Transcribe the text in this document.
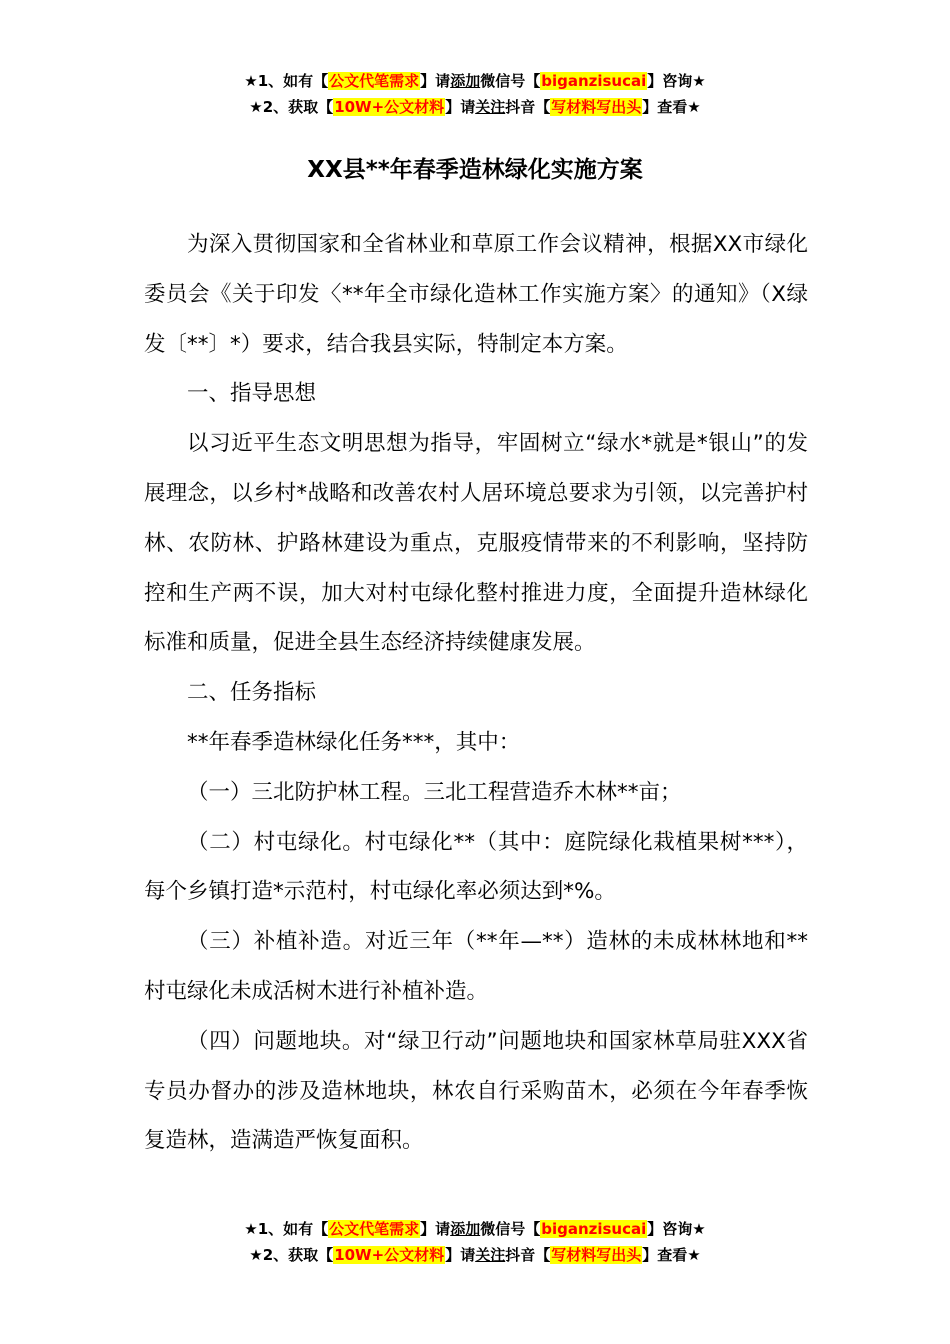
★1、如有【公文代笔需求】请添加微信号【biganzisucai】咨询★
★2、获取【10W+公文材料】请关注抖音【写材料写出头】查看★
XX县**年春季造林绿化实施方案

为深入贯彻国家和全省林业和草原工作会议精神，根据XX市绿化委员会《关于印发〈**年全市绿化造林工作实施方案〉的通知》（X绿发〔**〕*）要求，结合我县实际，特制定本方案。

一、指导思想

以习近平生态文明思想为指导，牢固树立“绿水*就是*银山”的发展理念，以乡村*战略和改善农村人居环境总要求为引领，以完善护村林、农防林、护路林建设为重点，克服疫情带来的不利影响，坚持防控和生产两不误，加大对村屯绿化整村推进力度，全面提升造林绿化标准和质量，促进全县生态经济持续健康发展。

二、任务指标

**年春季造林绿化任务***，其中：

（一）三北防护林工程。三北工程营造乔木林**亩；

（二）村屯绿化。村屯绿化**（其中：庭院绿化栽植果树***），每个乡镇打造*示范村，村屯绿化率必须达到*%。

（三）补植补造。对近三年（**年—**）造林的未成林林地和**村屯绿化未成活树木进行补植补造。

（四）问题地块。对“绿卫行动”问题地块和国家林草局驻XXX省专员办督办的涉及造林地块，林农自行采购苗木，必须在今年春季恢复造林，造满造严恢复面积。

★1、如有【公文代笔需求】请添加微信号【biganzisucai】咨询★
★2、获取【10W+公文材料】请关注抖音【写材料写出头】查看★
